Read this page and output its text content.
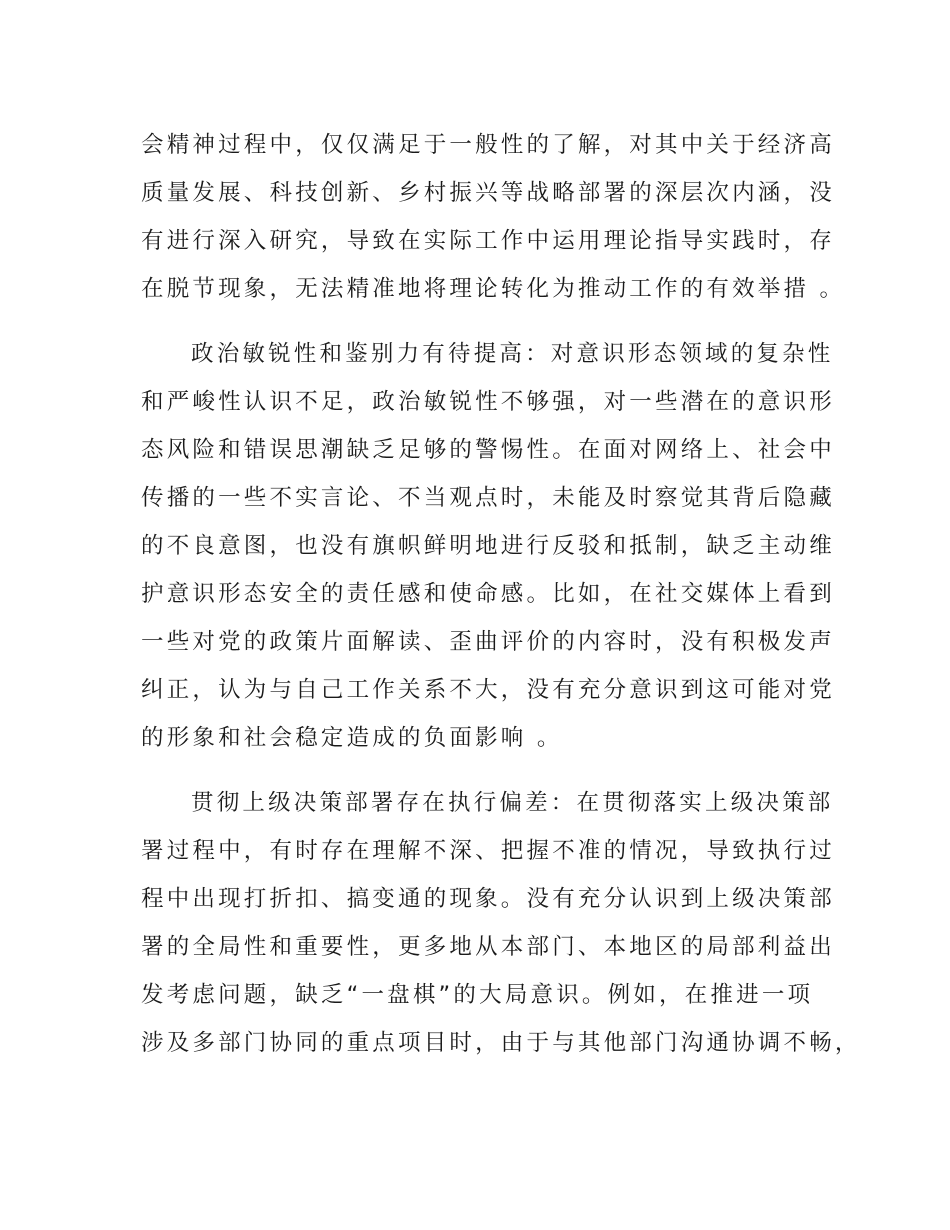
会精神过程中，仅仅满足于一般性的了解，对其中关于经济高
质量发展、科技创新、乡村振兴等战略部署的深层次内涵，没
有进行深入研究，导致在实际工作中运用理论指导实践时，存
在脱节现象，无法精准地将理论转化为推动工作的有效举措 。
政治敏锐性和鉴别力有待提高：对意识形态领域的复杂性
和严峻性认识不足，政治敏锐性不够强，对一些潜在的意识形
态风险和错误思潮缺乏足够的警惕性。在面对网络上、社会中
传播的一些不实言论、不当观点时，未能及时察觉其背后隐藏
的不良意图，也没有旗帜鲜明地进行反驳和抵制，缺乏主动维
护意识形态安全的责任感和使命感。比如，在社交媒体上看到
一些对党的政策片面解读、歪曲评价的内容时，没有积极发声
纠正，认为与自己工作关系不大，没有充分意识到这可能对党
的形象和社会稳定造成的负面影响 。
贯彻上级决策部署存在执行偏差：在贯彻落实上级决策部
署过程中，有时存在理解不深、把握不准的情况，导致执行过
程中出现打折扣、搞变通的现象。没有充分认识到上级决策部
署的全局性和重要性，更多地从本部门、本地区的局部利益出
发考虑问题，缺乏“一盘棋”的大局意识。例如，在推进一项
涉及多部门协同的重点项目时，由于与其他部门沟通协调不畅，
